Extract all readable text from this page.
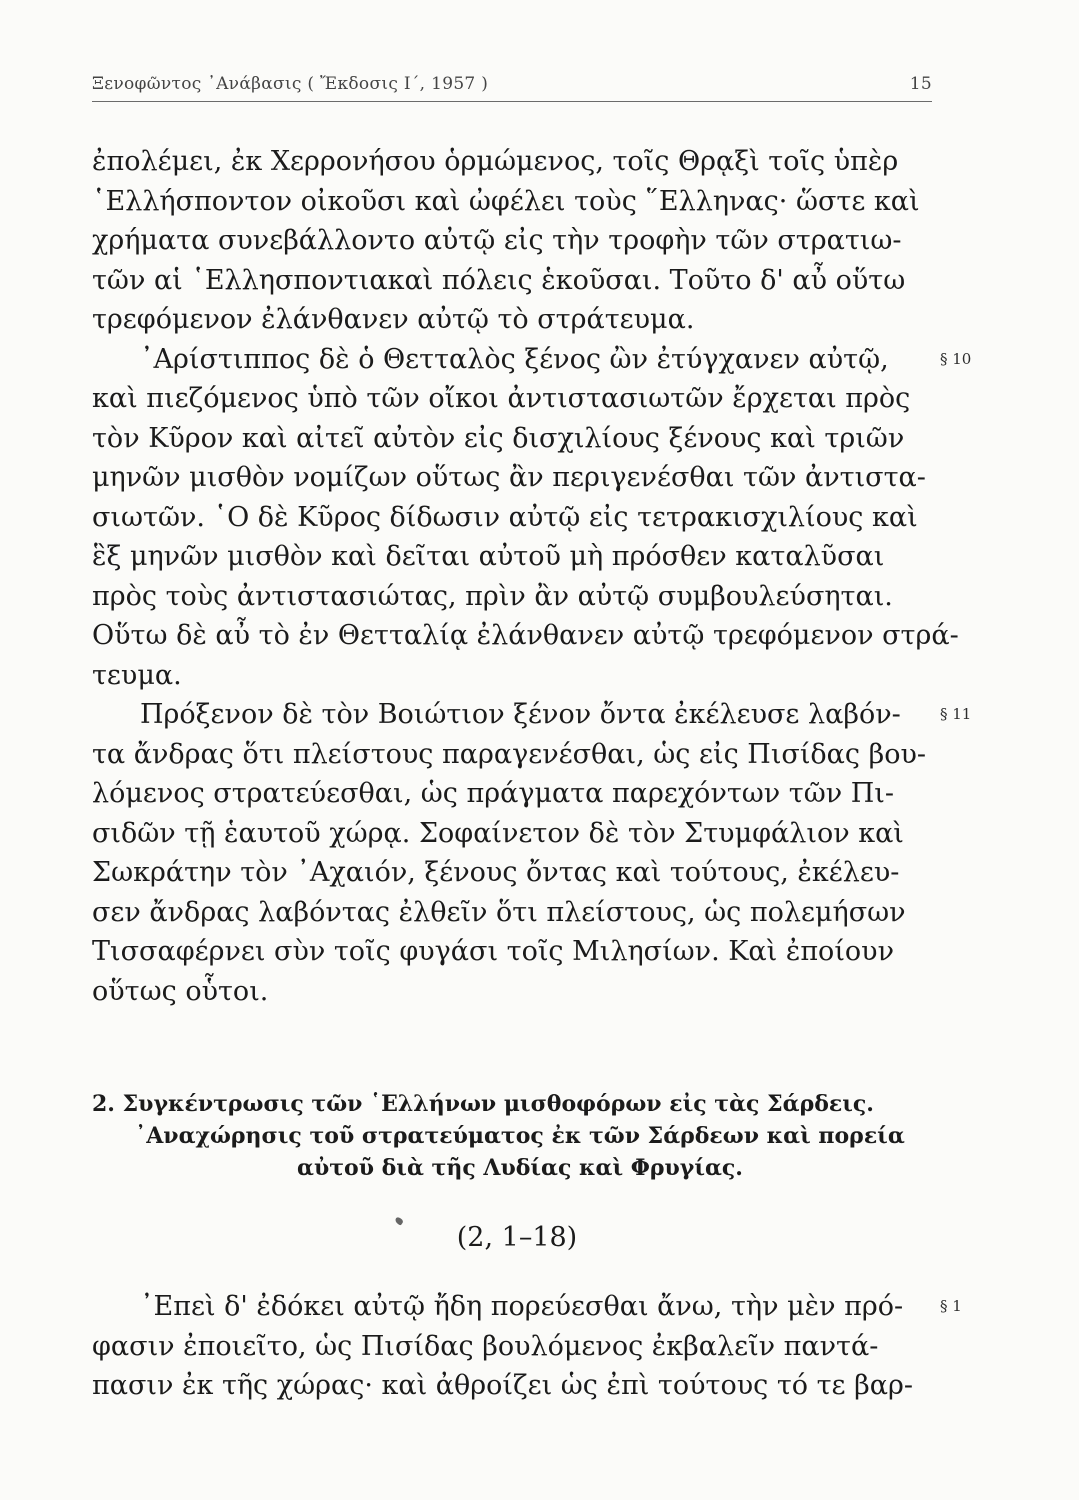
Ξενοφῶντος ᾿Ανάβασις ( Ἔκδοσις Ι΄, 1957 )	15
ἐπολέμει, ἐκ Χερρονήσου ὁρμώμενος, τοῖς Θρᾳξὶ τοῖς ὑπὲρ
῾Ελλήσποντον οἰκοῦσι καὶ ὠφέλει τοὺς ῞Ελληνας· ὥστε καὶ
χρήματα συνεβάλλοντο αὐτῷ εἰς τὴν τροφὴν τῶν στρατιω-
τῶν αἱ ῾Ελλησποντιακαὶ πόλεις ἑκοῦσαι. Τοῦτο δ' αὖ οὕτω
τρεφόμενον ἐλάνθανεν αὐτῷ τὸ στράτευμα.
᾿Αρίστιππος δὲ ὁ Θετταλὸς ξένος ὢν ἐτύγχανεν αὐτῷ,	§ 10
καὶ πιεζόμενος ὑπὸ τῶν οἴκοι ἀντιστασιωτῶν ἔρχεται πρὸς
τὸν Κῦρον καὶ αἰτεῖ αὐτὸν εἰς δισχιλίους ξένους καὶ τριῶν
μηνῶν μισθὸν νομίζων οὕτως ἂν περιγενέσθαι τῶν ἀντιστα-
σιωτῶν. ῾Ο δὲ Κῦρος δίδωσιν αὐτῷ εἰς τετρακισχιλίους καὶ
ἓξ μηνῶν μισθὸν καὶ δεῖται αὐτοῦ μὴ πρόσθεν καταλῦσαι
πρὸς τοὺς ἀντιστασιώτας, πρὶν ἂν αὐτῷ συμβουλεύσηται.
Οὕτω δὲ αὖ τὸ ἐν Θετταλίᾳ ἐλάνθανεν αὐτῷ τρεφόμενον στρά-
τευμα.
Πρόξενον δὲ τὸν Βοιώτιον ξένον ὄντα ἐκέλευσε λαβόν-	§ 11
τα ἄνδρας ὅτι πλείστους παραγενέσθαι, ὡς εἰς Πισίδας βου-
λόμενος στρατεύεσθαι, ὡς πράγματα παρεχόντων τῶν Πι-
σιδῶν τῇ ἑαυτοῦ χώρᾳ. Σοφαίνετον δὲ τὸν Στυμφάλιον καὶ
Σωκράτην τὸν ᾿Αχαιόν, ξένους ὄντας καὶ τούτους, ἐκέλευ-
σεν ἄνδρας λαβόντας ἐλθεῖν ὅτι πλείστους, ὡς πολεμήσων
Τισσαφέρνει σὺν τοῖς φυγάσι τοῖς Μιλησίων. Καὶ ἐποίουν
οὕτως οὗτοι.
2. Συγκέντρωσις τῶν ῾Ελλήνων μισθοφόρων εἰς τὰς Σάρδεις.
᾿Αναχώρησις τοῦ στρατεύματος ἐκ τῶν Σάρδεων καὶ πορεία
αὐτοῦ διὰ τῆς Λυδίας καὶ Φρυγίας.
(2, 1–18)
᾿Επεὶ δ' ἐδόκει αὐτῷ ἤδη πορεύεσθαι ἄνω, τὴν μὲν πρό- § 1
φασιν ἐποιεῖτο, ὡς Πισίδας βουλόμενος ἐκβαλεῖν παντά-
πασιν ἐκ τῆς χώρας· καὶ ἀθροίζει ὡς ἐπὶ τούτους τό τε βαρ-
